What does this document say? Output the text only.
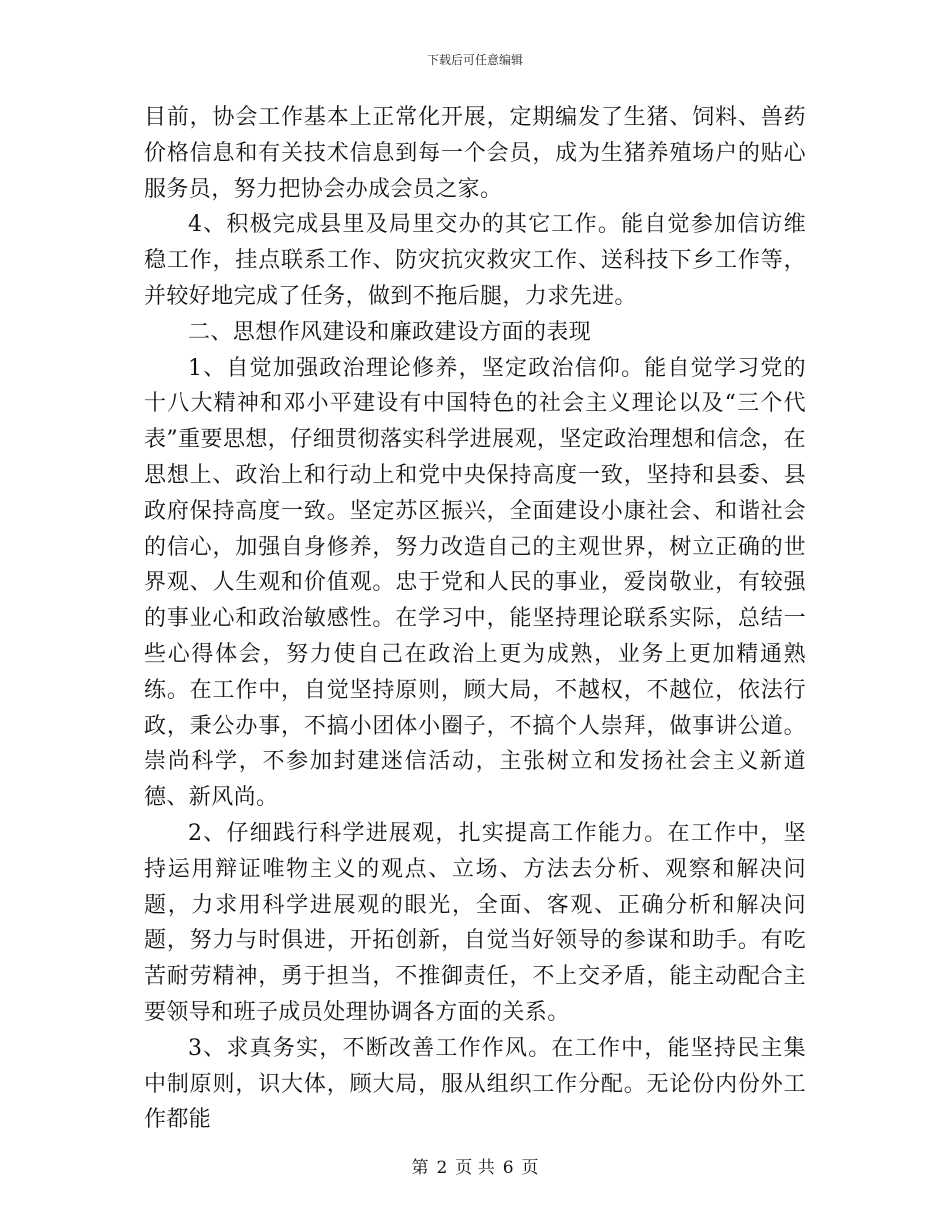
下载后可任意编辑

目前，协会工作基本上正常化开展，定期编发了生猪、饲料、兽药价格信息和有关技术信息到每一个会员，成为生猪养殖场户的贴心服务员，努力把协会办成会员之家。

4、积极完成县里及局里交办的其它工作。能自觉参加信访维稳工作，挂点联系工作、防灾抗灾救灾工作、送科技下乡工作等，并较好地完成了任务，做到不拖后腿，力求先进。

二、思想作风建设和廉政建设方面的表现

1、自觉加强政治理论修养，坚定政治信仰。能自觉学习党的十八大精神和邓小平建设有中国特色的社会主义理论以及“三个代表”重要思想，仔细贯彻落实科学进展观，坚定政治理想和信念，在思想上、政治上和行动上和党中央保持高度一致，坚持和县委、县政府保持高度一致。坚定苏区振兴，全面建设小康社会、和谐社会的信心，加强自身修养，努力改造自己的主观世界，树立正确的世界观、人生观和价值观。忠于党和人民的事业，爱岗敬业，有较强的事业心和政治敏感性。在学习中，能坚持理论联系实际，总结一些心得体会，努力使自己在政治上更为成熟，业务上更加精通熟练。在工作中，自觉坚持原则，顾大局，不越权，不越位，依法行政，秉公办事，不搞小团体小圈子，不搞个人崇拜，做事讲公道。崇尚科学，不参加封建迷信活动，主张树立和发扬社会主义新道德、新风尚。

2、仔细践行科学进展观，扎实提高工作能力。在工作中，坚持运用辩证唯物主义的观点、立场、方法去分析、观察和解决问题，力求用科学进展观的眼光，全面、客观、正确分析和解决问题，努力与时俱进，开拓创新，自觉当好领导的参谋和助手。有吃苦耐劳精神，勇于担当，不推御责任，不上交矛盾，能主动配合主要领导和班子成员处理协调各方面的关系。

3、求真务实，不断改善工作作风。在工作中，能坚持民主集中制原则，识大体，顾大局，服从组织工作分配。无论份内份外工作都能

第 2 页 共 6 页
